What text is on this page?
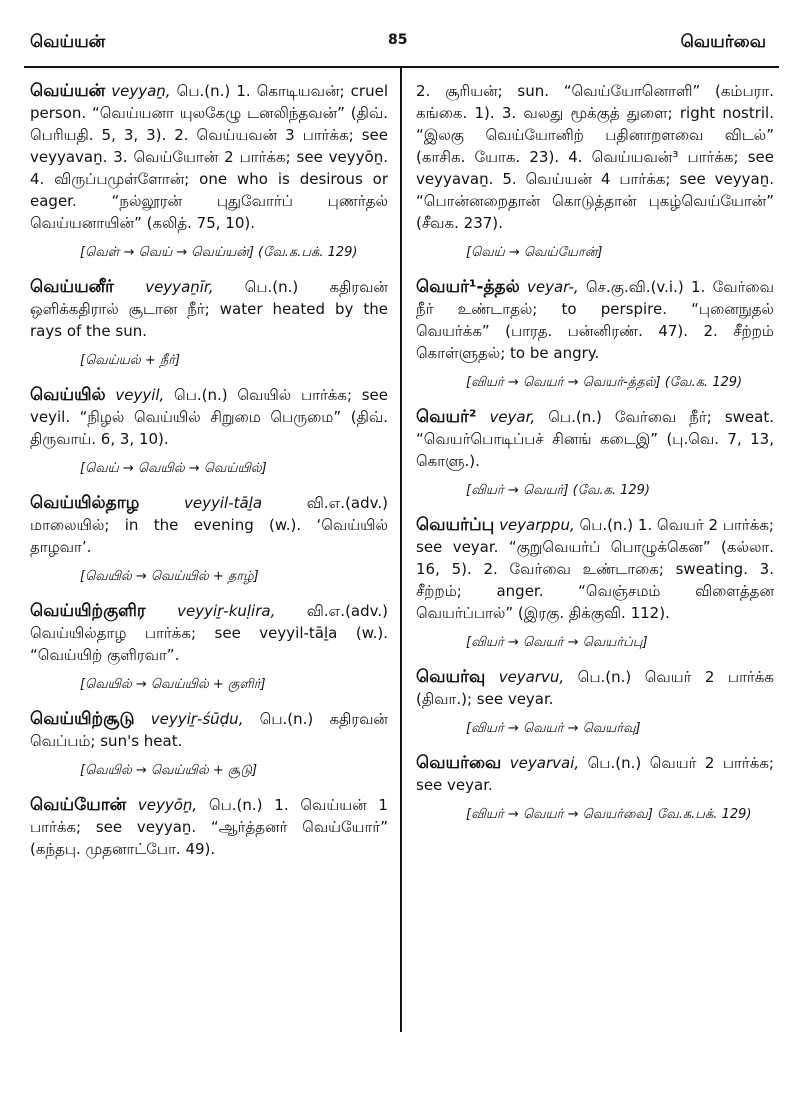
வெய்யன்	85	வெயர்வை
வெய்யன் veyyaṉ, பெ.(n.) 1. கொடியவன்; cruel person. “வெய்யனா யுலகேழு டனலிந்தவன்” (திவ். பெரியதி. 5, 3, 3). 2. வெய்யவன் 3 பார்க்க; see veyyavaṉ. 3. வெய்யோன் 2 பார்க்க; see veyyōṉ. 4. விருப்பமுள்ளோன்; one who is desirous or eager. “நல்லூரன் புதுவோர்ப் புணர்தல் வெய்யனாயின்” (கலித். 75, 10).
[வெள் → வெய் → வெய்யன்] (வே.க.பக். 129)
வெய்யனீர் veyyaṉīr, பெ.(n.) கதிரவன் ஒளிக்கதிரால் சூடான நீர்; water heated by the rays of the sun.
[வெய்யல் + நீர்]
வெய்யில் veyyil, பெ.(n.) வெயில் பார்க்க; see veyil. “நிழல் வெய்யில் சிறுமை பெருமை” (திவ். திருவாய். 6, 3, 10).
[வெய் → வெயில் → வெய்யில்]
வெய்யில்தாழ	veyyil-tāḻa	வி.எ.(adv.) மாலையில்; in the evening (w.). ‘வெய்யில் தாழவா’.
[வெயில் → வெய்யில் + தாழ்]
வெய்யிற்குளிர veyyiṟ-kuḷira, வி.எ.(adv.) வெய்யில்தாழ பார்க்க; see veyyil-tāḻa (w.). “வெய்யிற் குளிரவா”.
[வெயில் → வெய்யில் + குளிர்]
வெய்யிற்சூடு veyyiṟ-śūḍu, பெ.(n.) கதிரவன் வெப்பம்; sun's heat.
[வெயில் → வெய்யில் + சூடு]
வெய்யோன் veyyōṉ, பெ.(n.) 1. வெய்யன் 1 பார்க்க; see veyyaṉ. “ஆர்த்தனர் வெய்யோர்” (கந்தபு. முதனாட்போ. 49).
2. சூரியன்; sun. “வெய்யோனொளி” (கம்பரா. கங்கை. 1). 3. வலது மூக்குத் துளை; right nostril. “இலகு வெய்யோனிற் பதினாறளவை விடல்” (காசிக. யோக. 23). 4. வெய்யவன்³ பார்க்க; see veyyavaṉ. 5. வெய்யன் 4 பார்க்க; see veyyaṉ. “பொன்னறைதான் கொடுத்தான் புகழ்வெய்யோன்” (சீவக. 237).
[வெய் → வெய்யோன்]
வெயர்¹-த்தல் veyar-, செ.கு.வி.(v.i.) 1. வேர்வை நீர் உண்டாதல்; to perspire. “புனைநுதல் வெயர்க்க” (பாரத. பன்னிரண். 47). 2. சீற்றம் கொள்ளுதல்; to be angry.
[வியர் → வெயர் → வெயர்-த்தல்] (வே.க. 129)
வெயர்² veyar, பெ.(n.) வேர்வை நீர்; sweat. “வெயர்பொடிப்பச் சினங் கடைஇ” (பு.வெ. 7, 13, கொளு.).
[வியர் → வெயர்] (வே.க. 129)
வெயர்ப்பு veyarppu, பெ.(n.) 1. வெயர் 2 பார்க்க; see veyar. “குறுவெயர்ப் பொழுக்கென” (கல்லா. 16, 5). 2. வேர்வை உண்டாகை; sweating. 3. சீற்றம்; anger. “வெஞ்சமம் விளைத்தன வெயர்ப்பால்” (இரகு. திக்குவி. 112).
[வியர் → வெயர் → வெயர்ப்பு]
வெயர்வு veyarvu, பெ.(n.) வெயர் 2 பார்க்க (திவா.); see veyar.
[வியர் → வெயர் → வெயர்வு]
வெயர்வை veyarvai, பெ.(n.) வெயர் 2 பார்க்க; see veyar.
[வியர் → வெயர் → வெயர்வை] வே.க.பக். 129)
